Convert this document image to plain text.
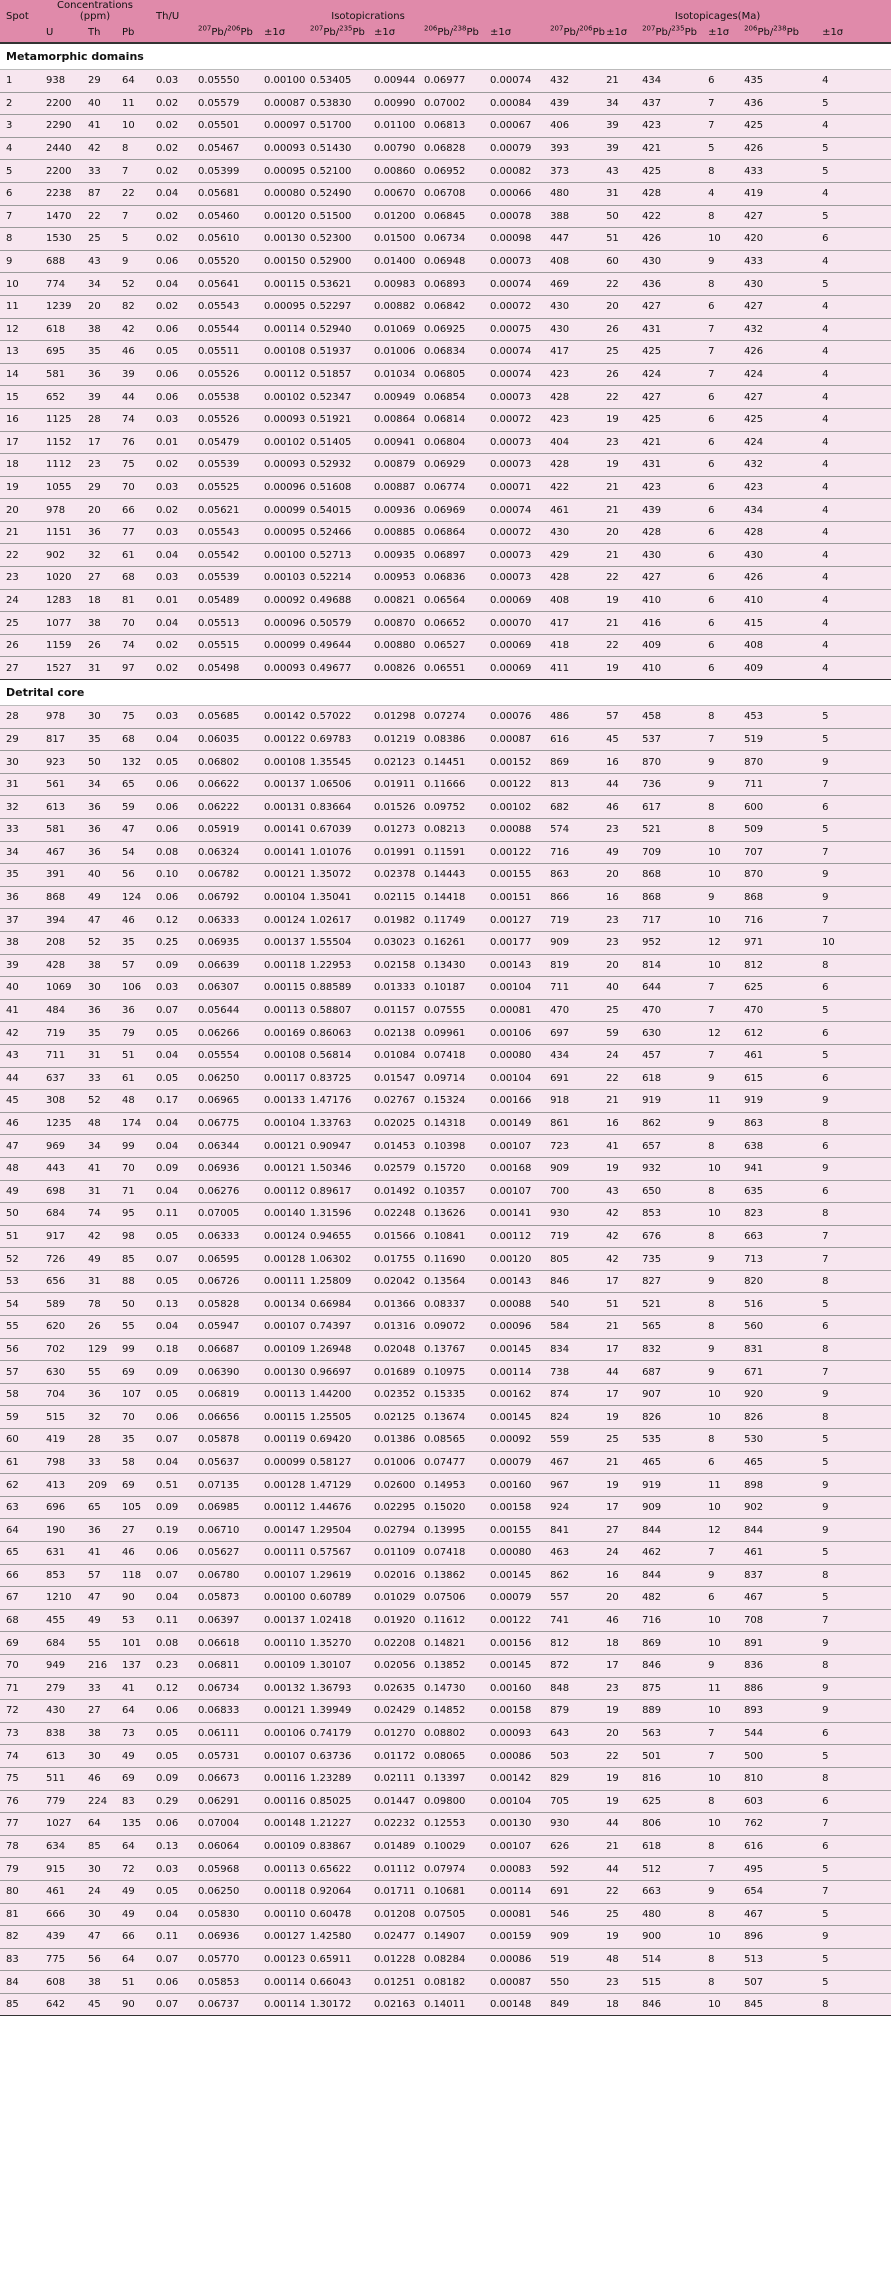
Spot	Concentrations
(ppm)			Th/U	Isotopicrations						Isotopicages(Ma)					
	U	Th	Pb		$^{207}$Pb/$^{206}$Pb	±1σ	$^{207}$Pb/$^{235}$Pb	±1σ	$^{206}$Pb/$^{238}$Pb	±1σ	$^{207}$Pb/$^{206}$Pb	±1σ	$^{207}$Pb/$^{235}$Pb	±1σ	$^{206}$Pb/$^{238}$Pb	±1σ
Metamorphic domains																
1	938	29	64	0.03	0.05550	0.00100	0.53405	0.00944	0.06977	0.00074	432	21	434	6	435	4
2	2200	40	11	0.02	0.05579	0.00087	0.53830	0.00990	0.07002	0.00084	439	34	437	7	436	5
3	2290	41	10	0.02	0.05501	0.00097	0.51700	0.01100	0.06813	0.00067	406	39	423	7	425	4
4	2440	42	8	0.02	0.05467	0.00093	0.51430	0.00790	0.06828	0.00079	393	39	421	5	426	5
5	2200	33	7	0.02	0.05399	0.00095	0.52100	0.00860	0.06952	0.00082	373	43	425	8	433	5
6	2238	87	22	0.04	0.05681	0.00080	0.52490	0.00670	0.06708	0.00066	480	31	428	4	419	4
7	1470	22	7	0.02	0.05460	0.00120	0.51500	0.01200	0.06845	0.00078	388	50	422	8	427	5
8	1530	25	5	0.02	0.05610	0.00130	0.52300	0.01500	0.06734	0.00098	447	51	426	10	420	6
9	688	43	9	0.06	0.05520	0.00150	0.52900	0.01400	0.06948	0.00073	408	60	430	9	433	4
10	774	34	52	0.04	0.05641	0.00115	0.53621	0.00983	0.06893	0.00074	469	22	436	8	430	5
11	1239	20	82	0.02	0.05543	0.00095	0.52297	0.00882	0.06842	0.00072	430	20	427	6	427	4
12	618	38	42	0.06	0.05544	0.00114	0.52940	0.01069	0.06925	0.00075	430	26	431	7	432	4
13	695	35	46	0.05	0.05511	0.00108	0.51937	0.01006	0.06834	0.00074	417	25	425	7	426	4
14	581	36	39	0.06	0.05526	0.00112	0.51857	0.01034	0.06805	0.00074	423	26	424	7	424	4
15	652	39	44	0.06	0.05538	0.00102	0.52347	0.00949	0.06854	0.00073	428	22	427	6	427	4
16	1125	28	74	0.03	0.05526	0.00093	0.51921	0.00864	0.06814	0.00072	423	19	425	6	425	4
17	1152	17	76	0.01	0.05479	0.00102	0.51405	0.00941	0.06804	0.00073	404	23	421	6	424	4
18	1112	23	75	0.02	0.05539	0.00093	0.52932	0.00879	0.06929	0.00073	428	19	431	6	432	4
19	1055	29	70	0.03	0.05525	0.00096	0.51608	0.00887	0.06774	0.00071	422	21	423	6	423	4
20	978	20	66	0.02	0.05621	0.00099	0.54015	0.00936	0.06969	0.00074	461	21	439	6	434	4
21	1151	36	77	0.03	0.05543	0.00095	0.52466	0.00885	0.06864	0.00072	430	20	428	6	428	4
22	902	32	61	0.04	0.05542	0.00100	0.52713	0.00935	0.06897	0.00073	429	21	430	6	430	4
23	1020	27	68	0.03	0.05539	0.00103	0.52214	0.00953	0.06836	0.00073	428	22	427	6	426	4
24	1283	18	81	0.01	0.05489	0.00092	0.49688	0.00821	0.06564	0.00069	408	19	410	6	410	4
25	1077	38	70	0.04	0.05513	0.00096	0.50579	0.00870	0.06652	0.00070	417	21	416	6	415	4
26	1159	26	74	0.02	0.05515	0.00099	0.49644	0.00880	0.06527	0.00069	418	22	409	6	408	4
27	1527	31	97	0.02	0.05498	0.00093	0.49677	0.00826	0.06551	0.00069	411	19	410	6	409	4
Detrital core																
28	978	30	75	0.03	0.05685	0.00142	0.57022	0.01298	0.07274	0.00076	486	57	458	8	453	5
29	817	35	68	0.04	0.06035	0.00122	0.69783	0.01219	0.08386	0.00087	616	45	537	7	519	5
30	923	50	132	0.05	0.06802	0.00108	1.35545	0.02123	0.14451	0.00152	869	16	870	9	870	9
31	561	34	65	0.06	0.06622	0.00137	1.06506	0.01911	0.11666	0.00122	813	44	736	9	711	7
32	613	36	59	0.06	0.06222	0.00131	0.83664	0.01526	0.09752	0.00102	682	46	617	8	600	6
33	581	36	47	0.06	0.05919	0.00141	0.67039	0.01273	0.08213	0.00088	574	23	521	8	509	5
34	467	36	54	0.08	0.06324	0.00141	1.01076	0.01991	0.11591	0.00122	716	49	709	10	707	7
35	391	40	56	0.10	0.06782	0.00121	1.35072	0.02378	0.14443	0.00155	863	20	868	10	870	9
36	868	49	124	0.06	0.06792	0.00104	1.35041	0.02115	0.14418	0.00151	866	16	868	9	868	9
37	394	47	46	0.12	0.06333	0.00124	1.02617	0.01982	0.11749	0.00127	719	23	717	10	716	7
38	208	52	35	0.25	0.06935	0.00137	1.55504	0.03023	0.16261	0.00177	909	23	952	12	971	10
39	428	38	57	0.09	0.06639	0.00118	1.22953	0.02158	0.13430	0.00143	819	20	814	10	812	8
40	1069	30	106	0.03	0.06307	0.00115	0.88589	0.01333	0.10187	0.00104	711	40	644	7	625	6
41	484	36	36	0.07	0.05644	0.00113	0.58807	0.01157	0.07555	0.00081	470	25	470	7	470	5
42	719	35	79	0.05	0.06266	0.00169	0.86063	0.02138	0.09961	0.00106	697	59	630	12	612	6
43	711	31	51	0.04	0.05554	0.00108	0.56814	0.01084	0.07418	0.00080	434	24	457	7	461	5
44	637	33	61	0.05	0.06250	0.00117	0.83725	0.01547	0.09714	0.00104	691	22	618	9	615	6
45	308	52	48	0.17	0.06965	0.00133	1.47176	0.02767	0.15324	0.00166	918	21	919	11	919	9
46	1235	48	174	0.04	0.06775	0.00104	1.33763	0.02025	0.14318	0.00149	861	16	862	9	863	8
47	969	34	99	0.04	0.06344	0.00121	0.90947	0.01453	0.10398	0.00107	723	41	657	8	638	6
48	443	41	70	0.09	0.06936	0.00121	1.50346	0.02579	0.15720	0.00168	909	19	932	10	941	9
49	698	31	71	0.04	0.06276	0.00112	0.89617	0.01492	0.10357	0.00107	700	43	650	8	635	6
50	684	74	95	0.11	0.07005	0.00140	1.31596	0.02248	0.13626	0.00141	930	42	853	10	823	8
51	917	42	98	0.05	0.06333	0.00124	0.94655	0.01566	0.10841	0.00112	719	42	676	8	663	7
52	726	49	85	0.07	0.06595	0.00128	1.06302	0.01755	0.11690	0.00120	805	42	735	9	713	7
53	656	31	88	0.05	0.06726	0.00111	1.25809	0.02042	0.13564	0.00143	846	17	827	9	820	8
54	589	78	50	0.13	0.05828	0.00134	0.66984	0.01366	0.08337	0.00088	540	51	521	8	516	5
55	620	26	55	0.04	0.05947	0.00107	0.74397	0.01316	0.09072	0.00096	584	21	565	8	560	6
56	702	129	99	0.18	0.06687	0.00109	1.26948	0.02048	0.13767	0.00145	834	17	832	9	831	8
57	630	55	69	0.09	0.06390	0.00130	0.96697	0.01689	0.10975	0.00114	738	44	687	9	671	7
58	704	36	107	0.05	0.06819	0.00113	1.44200	0.02352	0.15335	0.00162	874	17	907	10	920	9
59	515	32	70	0.06	0.06656	0.00115	1.25505	0.02125	0.13674	0.00145	824	19	826	10	826	8
60	419	28	35	0.07	0.05878	0.00119	0.69420	0.01386	0.08565	0.00092	559	25	535	8	530	5
61	798	33	58	0.04	0.05637	0.00099	0.58127	0.01006	0.07477	0.00079	467	21	465	6	465	5
62	413	209	69	0.51	0.07135	0.00128	1.47129	0.02600	0.14953	0.00160	967	19	919	11	898	9
63	696	65	105	0.09	0.06985	0.00112	1.44676	0.02295	0.15020	0.00158	924	17	909	10	902	9
64	190	36	27	0.19	0.06710	0.00147	1.29504	0.02794	0.13995	0.00155	841	27	844	12	844	9
65	631	41	46	0.06	0.05627	0.00111	0.57567	0.01109	0.07418	0.00080	463	24	462	7	461	5
66	853	57	118	0.07	0.06780	0.00107	1.29619	0.02016	0.13862	0.00145	862	16	844	9	837	8
67	1210	47	90	0.04	0.05873	0.00100	0.60789	0.01029	0.07506	0.00079	557	20	482	6	467	5
68	455	49	53	0.11	0.06397	0.00137	1.02418	0.01920	0.11612	0.00122	741	46	716	10	708	7
69	684	55	101	0.08	0.06618	0.00110	1.35270	0.02208	0.14821	0.00156	812	18	869	10	891	9
70	949	216	137	0.23	0.06811	0.00109	1.30107	0.02056	0.13852	0.00145	872	17	846	9	836	8
71	279	33	41	0.12	0.06734	0.00132	1.36793	0.02635	0.14730	0.00160	848	23	875	11	886	9
72	430	27	64	0.06	0.06833	0.00121	1.39949	0.02429	0.14852	0.00158	879	19	889	10	893	9
73	838	38	73	0.05	0.06111	0.00106	0.74179	0.01270	0.08802	0.00093	643	20	563	7	544	6
74	613	30	49	0.05	0.05731	0.00107	0.63736	0.01172	0.08065	0.00086	503	22	501	7	500	5
75	511	46	69	0.09	0.06673	0.00116	1.23289	0.02111	0.13397	0.00142	829	19	816	10	810	8
76	779	224	83	0.29	0.06291	0.00116	0.85025	0.01447	0.09800	0.00104	705	19	625	8	603	6
77	1027	64	135	0.06	0.07004	0.00148	1.21227	0.02232	0.12553	0.00130	930	44	806	10	762	7
78	634	85	64	0.13	0.06064	0.00109	0.83867	0.01489	0.10029	0.00107	626	21	618	8	616	6
79	915	30	72	0.03	0.05968	0.00113	0.65622	0.01112	0.07974	0.00083	592	44	512	7	495	5
80	461	24	49	0.05	0.06250	0.00118	0.92064	0.01711	0.10681	0.00114	691	22	663	9	654	7
81	666	30	49	0.04	0.05830	0.00110	0.60478	0.01208	0.07505	0.00081	546	25	480	8	467	5
82	439	47	66	0.11	0.06936	0.00127	1.42580	0.02477	0.14907	0.00159	909	19	900	10	896	9
83	775	56	64	0.07	0.05770	0.00123	0.65911	0.01228	0.08284	0.00086	519	48	514	8	513	5
84	608	38	51	0.06	0.05853	0.00114	0.66043	0.01251	0.08182	0.00087	550	23	515	8	507	5
85	642	45	90	0.07	0.06737	0.00114	1.30172	0.02163	0.14011	0.00148	849	18	846	10	845	8
